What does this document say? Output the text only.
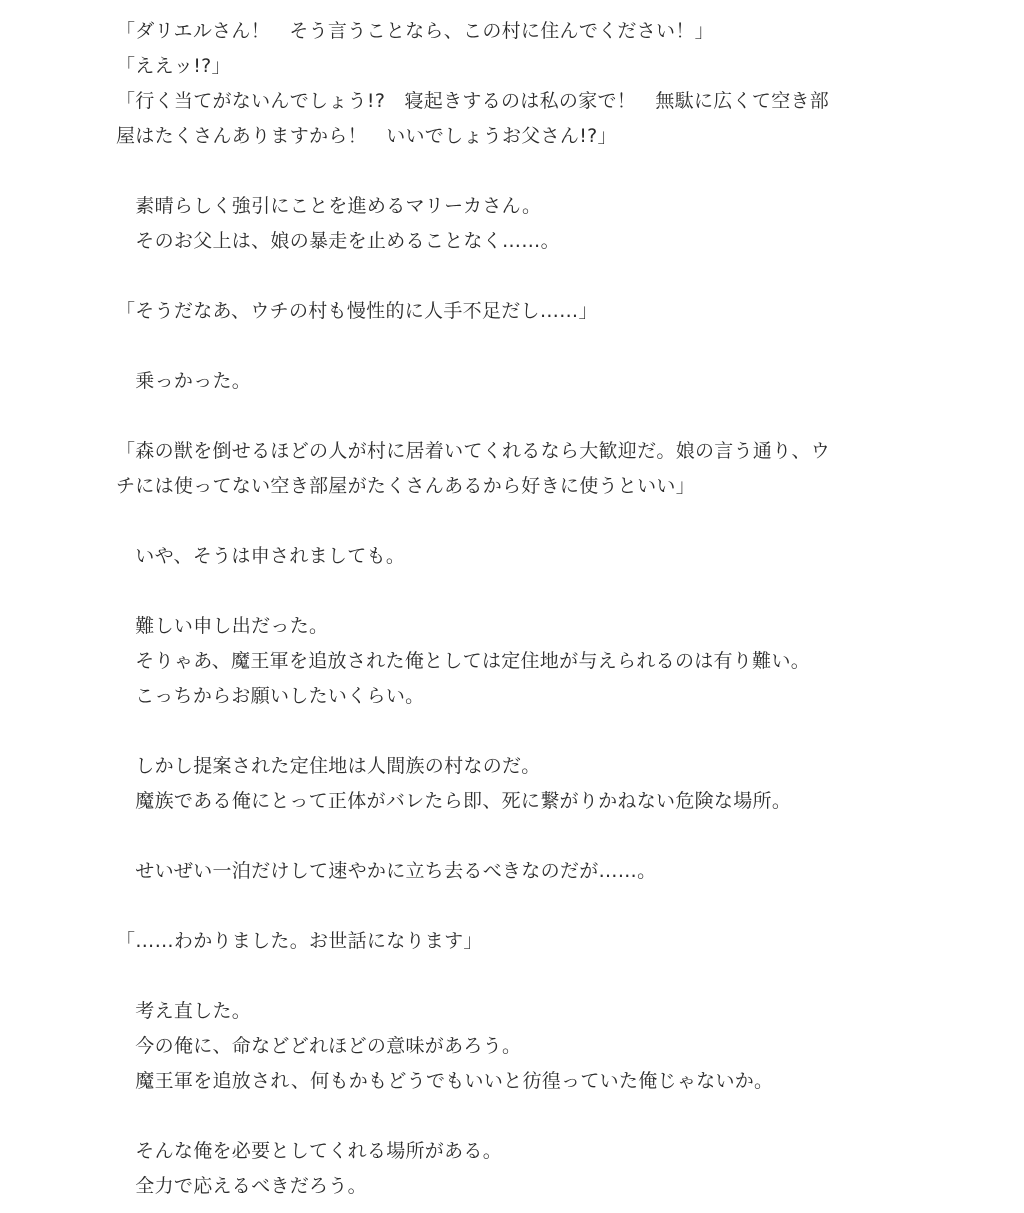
「ダリエルさん！　そう言うことなら、この村に住んでください！」
「ええッ!?」
「行く当てがないんでしょう!?　寝起きするのは私の家で！　無駄に広くて空き部
屋はたくさんありますから！　いいでしょうお父さん!?」
　素晴らしく強引にことを進めるマリーカさん。
　そのお父上は、娘の暴走を止めることなく……。
「そうだなあ、ウチの村も慢性的に人手不足だし……」
　乗っかった。
「森の獣を倒せるほどの人が村に居着いてくれるなら大歓迎だ。娘の言う通り、ウ
チには使ってない空き部屋がたくさんあるから好きに使うといい」
　いや、そうは申されましても。
　難しい申し出だった。
　そりゃあ、魔王軍を追放された俺としては定住地が与えられるのは有り難い。
　こっちからお願いしたいくらい。
　しかし提案された定住地は人間族の村なのだ。
　魔族である俺にとって正体がバレたら即、死に繋がりかねない危険な場所。
　せいぜい一泊だけして速やかに立ち去るべきなのだが……。
「……わかりました。お世話になります」
　考え直した。
　今の俺に、命などどれほどの意味があろう。
　魔王軍を追放され、何もかもどうでもいいと彷徨っていた俺じゃないか。
　そんな俺を必要としてくれる場所がある。
　全力で応えるべきだろう。
